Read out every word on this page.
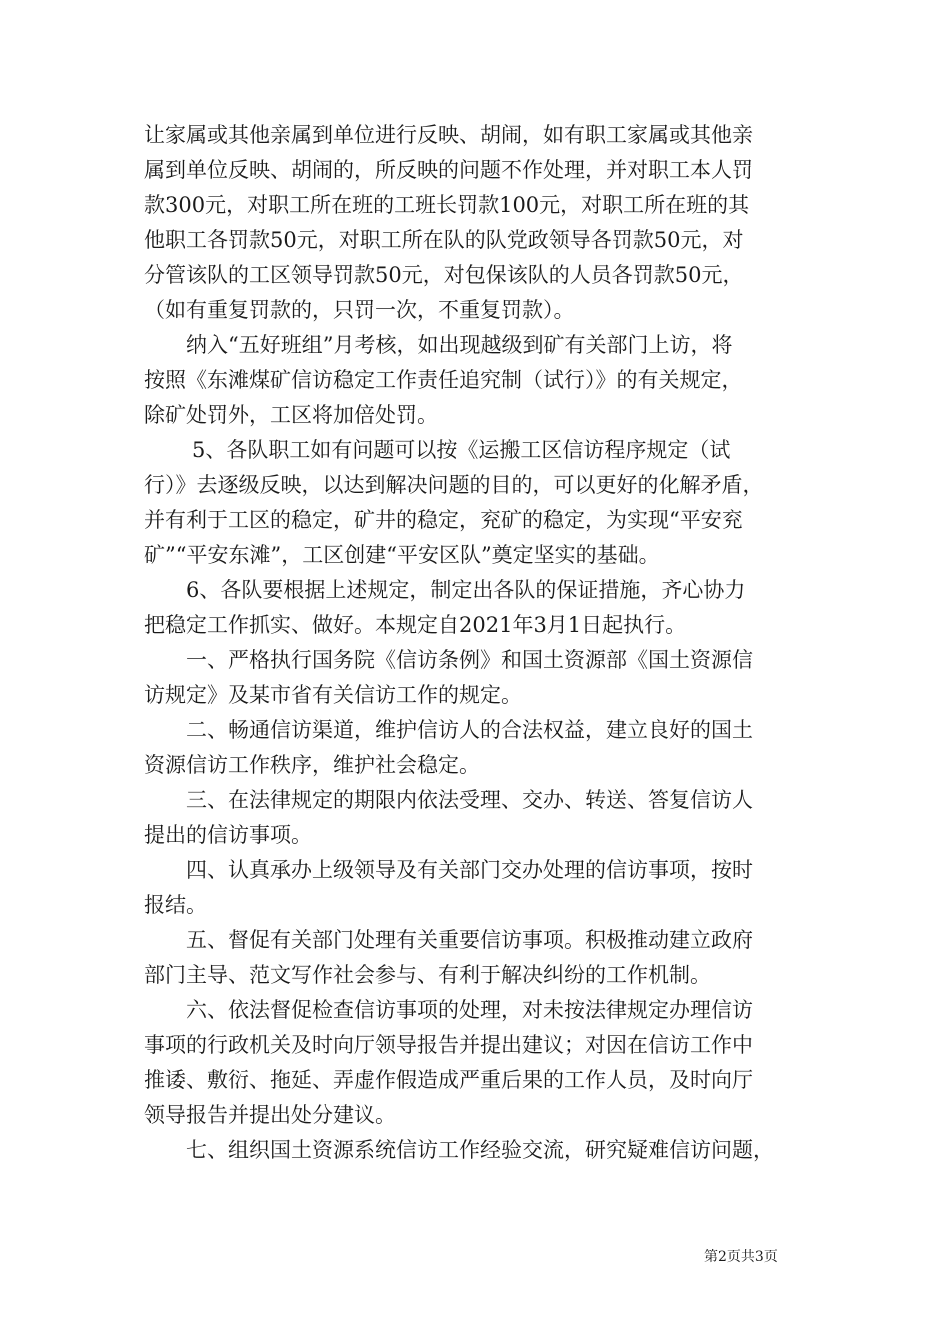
让家属或其他亲属到单位进行反映、胡闹，如有职工家属或其他亲
属到单位反映、胡闹的，所反映的问题不作处理，并对职工本人罚
款300元，对职工所在班的工班长罚款100元，对职工所在班的其
他职工各罚款50元，对职工所在队的队党政领导各罚款50元，对
分管该队的工区领导罚款50元，对包保该队的人员各罚款50元，
（如有重复罚款的，只罚一次，不重复罚款）。

纳入“五好班组”月考核，如出现越级到矿有关部门上访，将
按照《东滩煤矿信访稳定工作责任追究制（试行）》的有关规定，
除矿处罚外，工区将加倍处罚。

5、各队职工如有问题可以按《运搬工区信访程序规定（试
行）》去逐级反映，以达到解决问题的目的，可以更好的化解矛盾，
并有利于工区的稳定，矿井的稳定，兖矿的稳定，为实现“平安兖
矿”“平安东滩”，工区创建“平安区队”奠定坚实的基础。

6、各队要根据上述规定，制定出各队的保证措施，齐心协力
把稳定工作抓实、做好。本规定自2021年3月1日起执行。

一、严格执行国务院《信访条例》和国土资源部《国土资源信
访规定》及某市省有关信访工作的规定。

二、畅通信访渠道，维护信访人的合法权益，建立良好的国土
资源信访工作秩序，维护社会稳定。

三、在法律规定的期限内依法受理、交办、转送、答复信访人
提出的信访事项。

四、认真承办上级领导及有关部门交办处理的信访事项，按时
报结。

五、督促有关部门处理有关重要信访事项。积极推动建立政府
部门主导、范文写作社会参与、有利于解决纠纷的工作机制。

六、依法督促检查信访事项的处理，对未按法律规定办理信访
事项的行政机关及时向厅领导报告并提出建议；对因在信访工作中
推诿、敷衍、拖延、弄虚作假造成严重后果的工作人员，及时向厅
领导报告并提出处分建议。

七、组织国土资源系统信访工作经验交流，研究疑难信访问题，

第2页共3页
